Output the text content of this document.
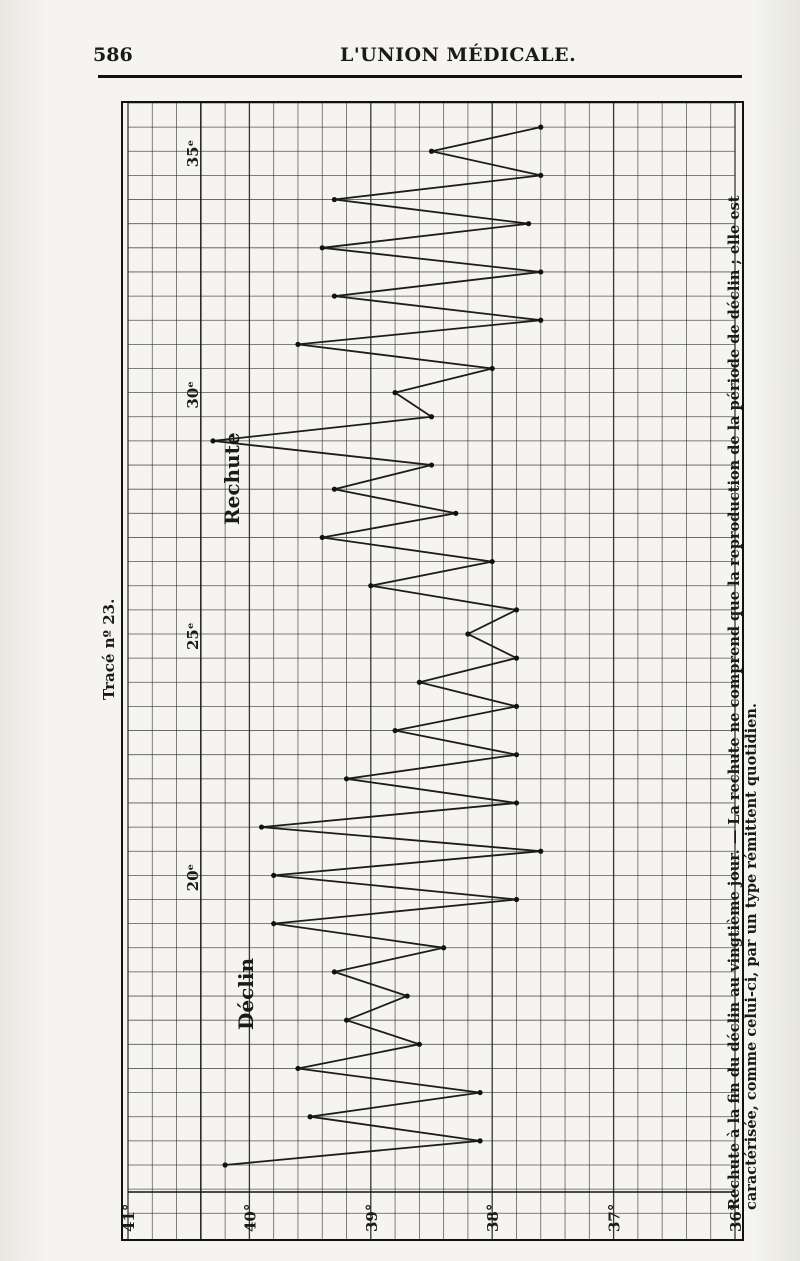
586	L'UNION MÉDICALE.
41°	40°	39°	38°	37°	36°
20ᵉ
25ᵉ
30ᵉ
35ᵉ
Tracé nº 23.
Déclin
Rechute	Rechute à la fin du déclin au vingtième jour. — La rechute ne comprend que la reproduction de la période de déclin ; elle est caractérisée, comme celui-ci, par un type rémittent quotidien.
